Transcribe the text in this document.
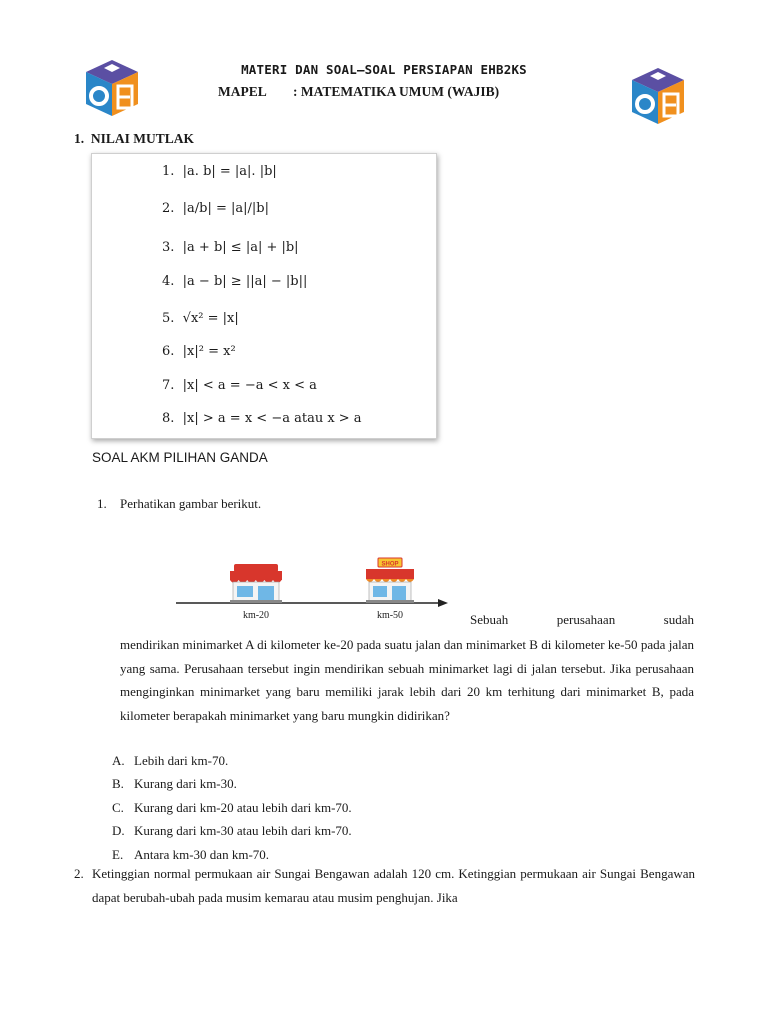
MATERI DAN SOAL–SOAL PERSIAPAN EHB2KS
MAPEL        : MATEMATIKA UMUM (WAJIB)
1. NILAI MUTLAK
1.  |a. b| = |a|. |b|
2.  |a/b| = |a|/|b|
3.  |a + b| ≤ |a| + |b|
4.  |a − b| ≥ ||a| − |b||
5.  √x² = |x|
6.  |x|² = x²
7.  |x| < a = −a < x < a
8.  |x| > a = x < −a atau x > a
SOAL AKM PILIHAN GANDA
1. Perhatikan gambar berikut.
SHOP
km-20	km-50	Sebuah	perusahaan	sudah
mendirikan minimarket A di kilometer ke-20 pada suatu jalan dan minimarket B di kilometer ke-50 pada jalan yang sama. Perusahaan tersebut ingin mendirikan sebuah minimarket lagi di jalan tersebut. Jika perusahaan menginginkan minimarket yang baru memiliki jarak lebih dari 20 km terhitung dari minimarket B, pada kilometer berapakah minimarket yang baru mungkin didirikan?
A. Lebih dari km-70.
B. Kurang dari km-30.
C. Kurang dari km-20 atau lebih dari km-70.
D. Kurang dari km-30 atau lebih dari km-70.
E. Antara km-30 dan km-70.
2. Ketinggian normal permukaan air Sungai Bengawan adalah 120 cm. Ketinggian permukaan air Sungai Bengawan dapat berubah-ubah pada musim kemarau atau musim penghujan. Jika
